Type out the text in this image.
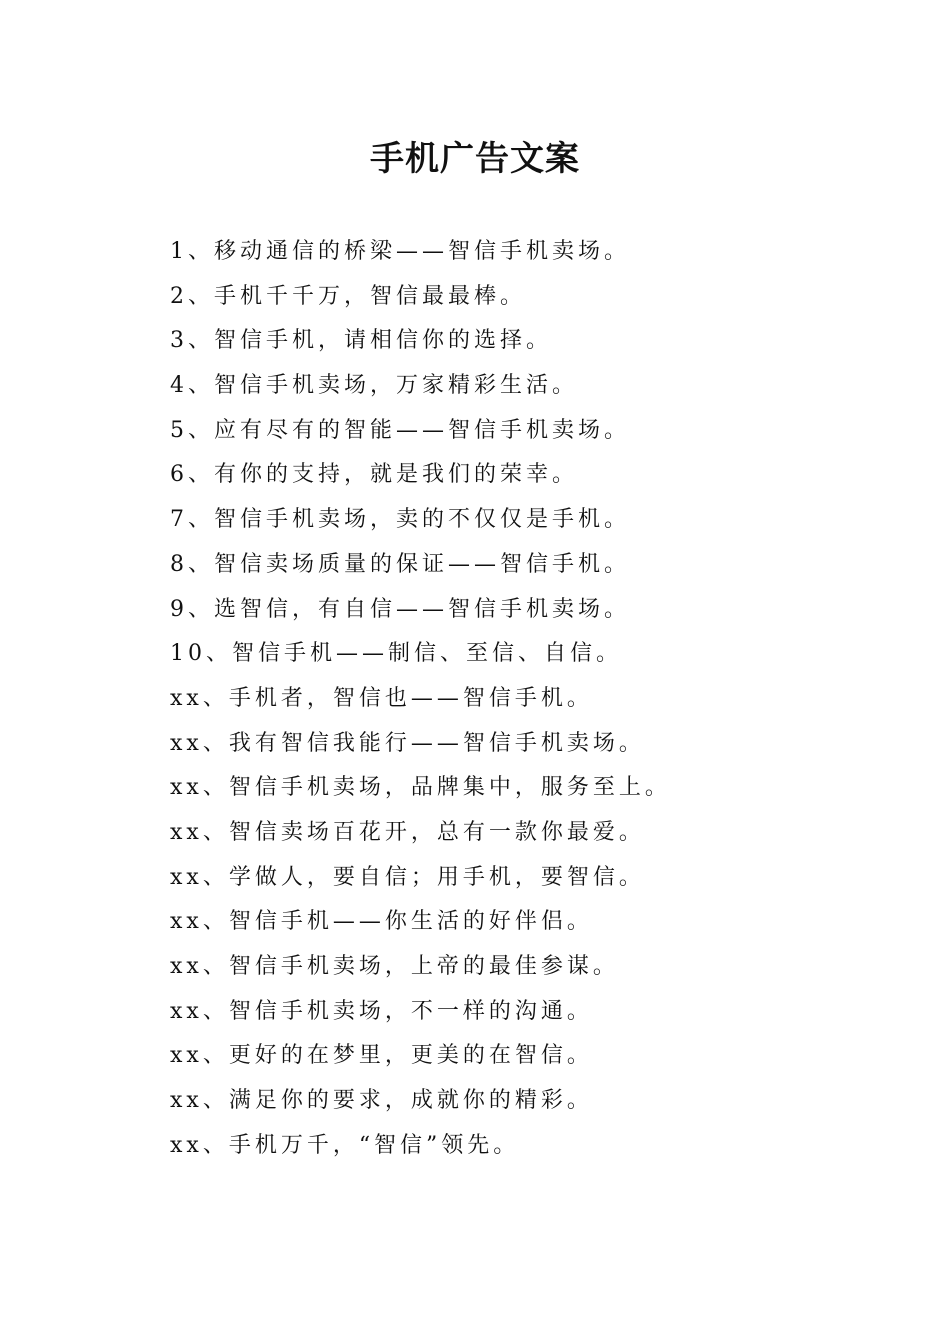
手机广告文案
1、移动通信的桥梁——智信手机卖场。
2、手机千千万，智信最最棒。
3、智信手机，请相信你的选择。
4、智信手机卖场，万家精彩生活。
5、应有尽有的智能——智信手机卖场。
6、有你的支持，就是我们的荣幸。
7、智信手机卖场，卖的不仅仅是手机。
8、智信卖场质量的保证——智信手机。
9、选智信，有自信——智信手机卖场。
10、智信手机——制信、至信、自信。
xx、手机者，智信也——智信手机。
xx、我有智信我能行——智信手机卖场。
xx、智信手机卖场，品牌集中，服务至上。
xx、智信卖场百花开，总有一款你最爱。
xx、学做人，要自信；用手机，要智信。
xx、智信手机——你生活的好伴侣。
xx、智信手机卖场，上帝的最佳参谋。
xx、智信手机卖场，不一样的沟通。
xx、更好的在梦里，更美的在智信。
xx、满足你的要求，成就你的精彩。
xx、手机万千，“智信”领先。
